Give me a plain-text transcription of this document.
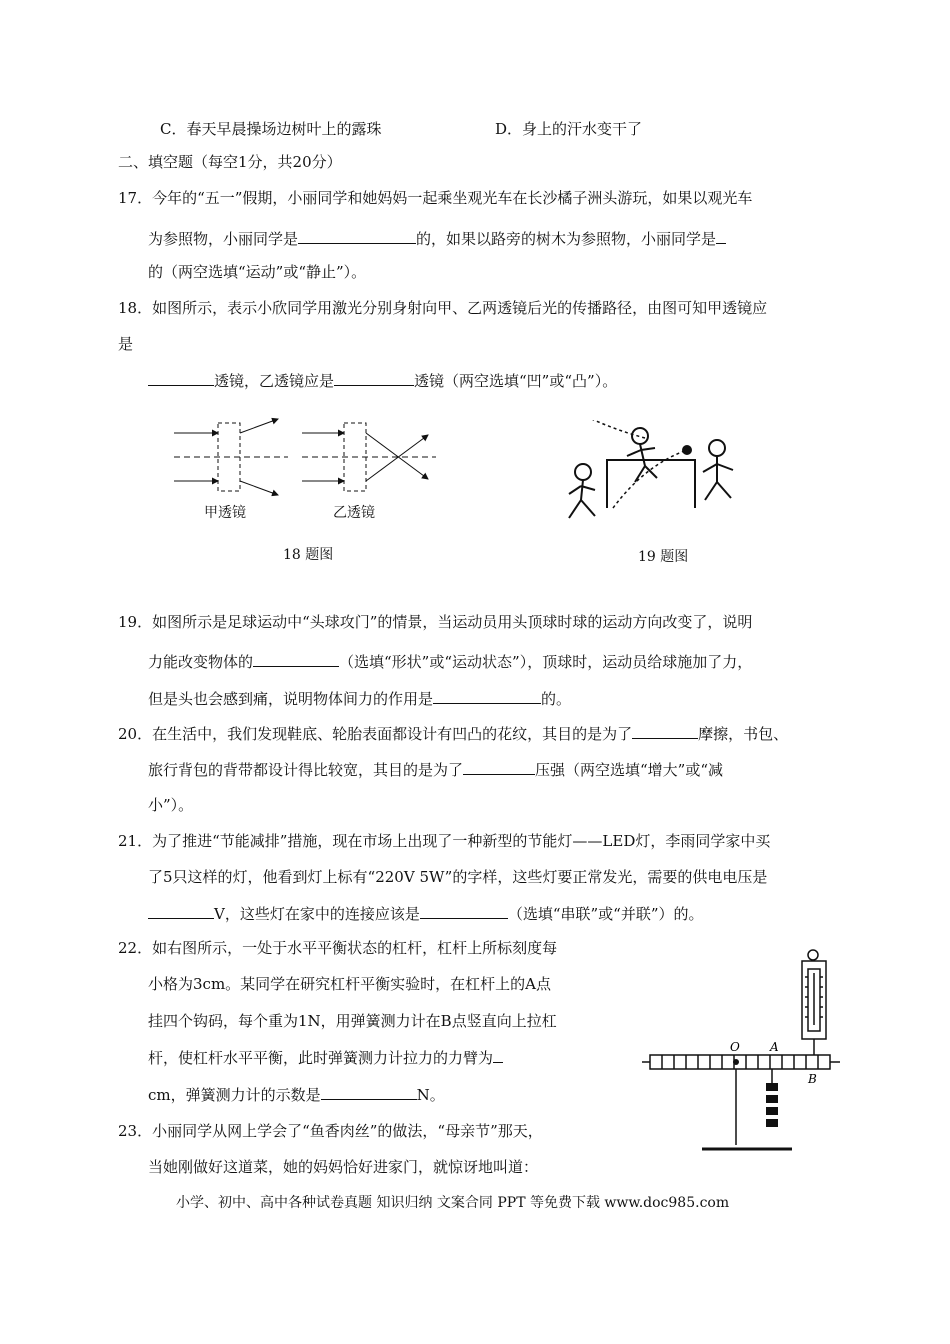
C．春天早晨操场边树叶上的露珠	D．身上的汗水变干了
二、填空题（每空1分，共20分）
17．今年的“五一”假期，小丽同学和她妈妈一起乘坐观光车在长沙橘子洲头游玩，如果以观光车
为参照物，小丽同学是	的，如果以路旁的树木为参照物，小丽同学是
的（两空选填“运动”或“静止”）。
18．如图所示，表示小欣同学用激光分别身射向甲、乙两透镜后光的传播路径，由图可知甲透镜应
是
透镜，乙透镜应是	透镜（两空选填“凹”或“凸”）。
甲透镜	乙透镜
18 题图	19 题图
19．如图所示是足球运动中“头球攻门”的情景，当运动员用头顶球时球的运动方向改变了，说明
力能改变物体的	（选填“形状”或“运动状态”），顶球时，运动员给球施加了力，
但是头也会感到痛，说明物体间力的作用是	的。
20．在生活中，我们发现鞋底、轮胎表面都设计有凹凸的花纹，其目的是为了	摩擦，书包、
旅行背包的背带都设计得比较宽，其目的是为了	压强（两空选填“增大”或“减
小”）。
21．为了推进“节能减排”措施，现在市场上出现了一种新型的节能灯——LED灯，李雨同学家中买
了5只这样的灯，他看到灯上标有“220V 5W”的字样，这些灯要正常发光，需要的供电电压是
V，这些灯在家中的连接应该是	（选填“串联”或“并联”）的。
22．如右图所示，一处于水平平衡状态的杠杆，杠杆上所标刻度每
小格为3cm。某同学在研究杠杆平衡实验时，在杠杆上的A点
挂四个钩码，每个重为1N，用弹簧测力计在B点竖直向上拉杠
杆，使杠杆水平平衡，此时弹簧测力计拉力的力臂为
cm，弹簧测力计的示数是	N。
O	A
B
23．小丽同学从网上学会了“鱼香肉丝”的做法，“母亲节”那天，
当她刚做好这道菜，她的妈妈恰好进家门，就惊讶地叫道：
小学、初中、高中各种试卷真题 知识归纳 文案合同 PPT 等免费下载 www.doc985.com
